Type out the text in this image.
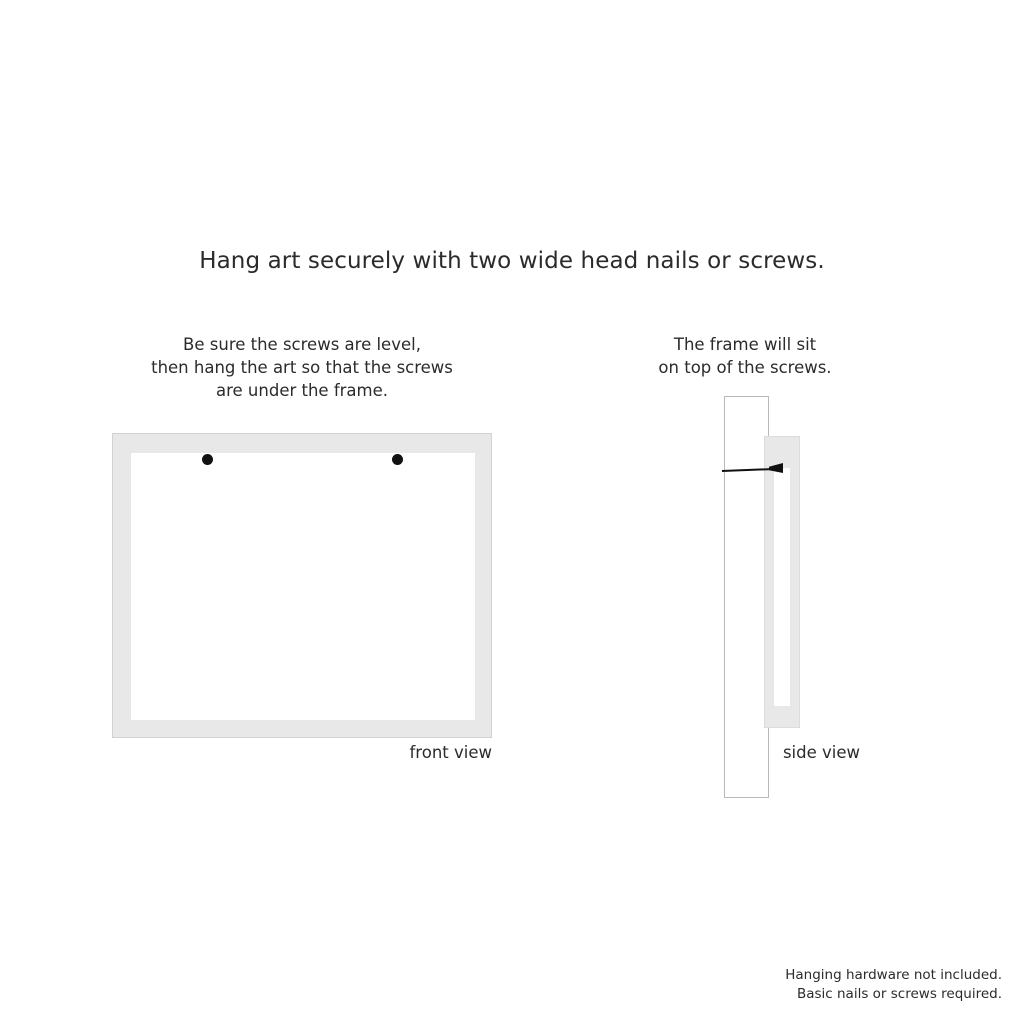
Hang art securely with two wide head nails or screws.
Be sure the screws are level,
then hang the art so that the screws
are under the frame.
front view
The frame will sit
on top of the screws.
side view
Hanging hardware not included.
Basic nails or screws required.
